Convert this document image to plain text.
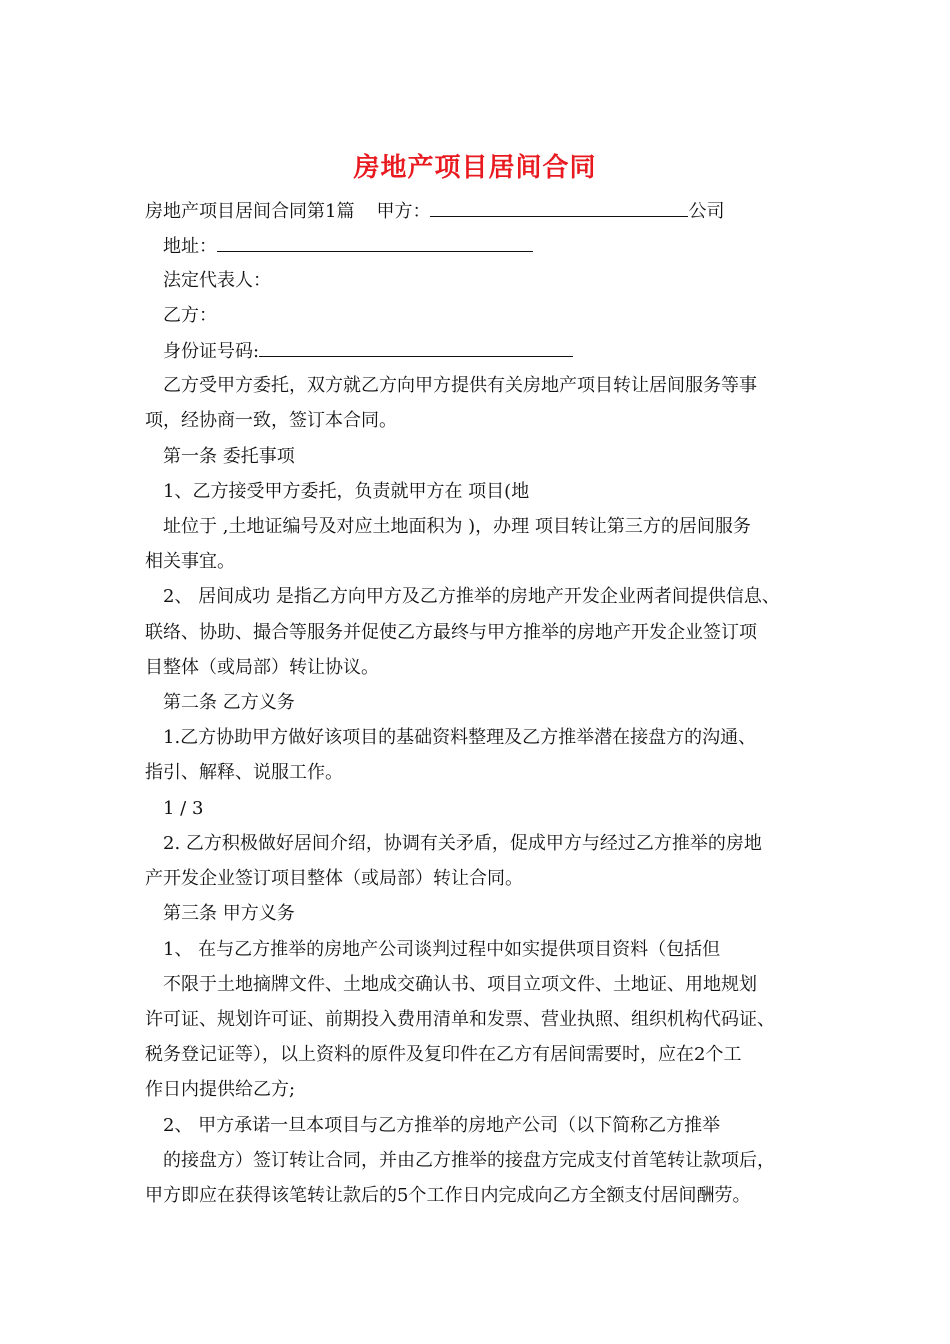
房地产项目居间合同
房地产项目居间合同第1篇 甲方：	公司
地址：
法定代表人：
乙方：
身份证号码:
乙方受甲方委托，双方就乙方向甲方提供有关房地产项目转让居间服务等事
项，经协商一致，签订本合同。
第一条 委托事项
1、乙方接受甲方委托，负责就甲方在 项目(地
址位于 ,土地证编号及对应土地面积为 )，办理 项目转让第三方的居间服务
相关事宜。
2、 居间成功 是指乙方向甲方及乙方推举的房地产开发企业两者间提供信息、
联络、协助、撮合等服务并促使乙方最终与甲方推举的房地产开发企业签订项
目整体（或局部）转让协议。
第二条 乙方义务
1.乙方协助甲方做好该项目的基础资料整理及乙方推举潜在接盘方的沟通、
指引、解释、说服工作。
1 / 3
2. 乙方积极做好居间介绍，协调有关矛盾，促成甲方与经过乙方推举的房地
产开发企业签订项目整体（或局部）转让合同。
第三条 甲方义务
1、 在与乙方推举的房地产公司谈判过程中如实提供项目资料（包括但
不限于土地摘牌文件、土地成交确认书、项目立项文件、土地证、用地规划
许可证、规划许可证、前期投入费用清单和发票、营业执照、组织机构代码证、
税务登记证等），以上资料的原件及复印件在乙方有居间需要时，应在2个工
作日内提供给乙方;
2、 甲方承诺一旦本项目与乙方推举的房地产公司（以下简称乙方推举
的接盘方）签订转让合同，并由乙方推举的接盘方完成支付首笔转让款项后，
甲方即应在获得该笔转让款后的5个工作日内完成向乙方全额支付居间酬劳。
